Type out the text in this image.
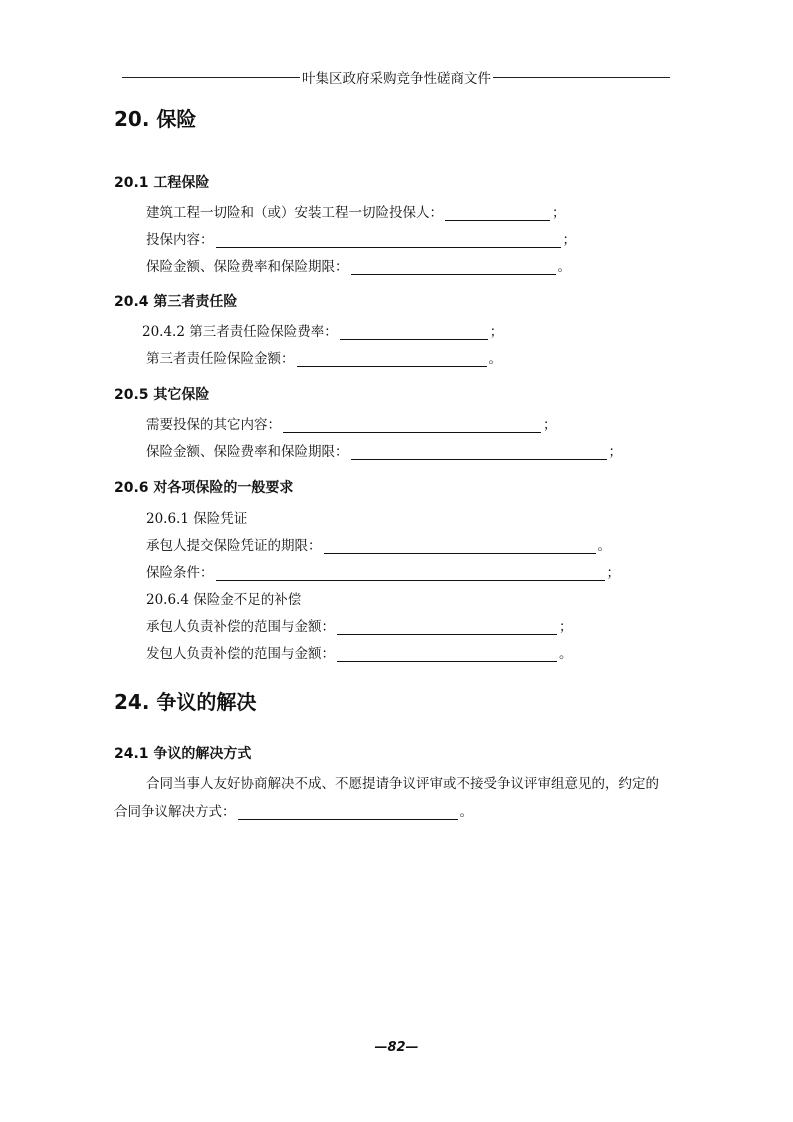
叶集区政府采购竞争性磋商文件
20. 保险
20.1 工程保险
建筑工程一切险和（或）安装工程一切险投保人：	；
投保内容：	；
保险金额、保险费率和保险期限：	。
20.4 第三者责任险
20.4.2 第三者责任险保险费率：	；
第三者责任险保险金额：	。
20.5 其它保险
需要投保的其它内容：	；
保险金额、保险费率和保险期限：	；
20.6 对各项保险的一般要求
20.6.1 保险凭证
承包人提交保险凭证的期限：	。
保险条件：	；
20.6.4 保险金不足的补偿
承包人负责补偿的范围与金额：	；
发包人负责补偿的范围与金额：	。
24. 争议的解决
24.1 争议的解决方式
合同当事人友好协商解决不成、不愿提请争议评审或不接受争议评审组意见的，约定的
合同争议解决方式：	。
—82—
